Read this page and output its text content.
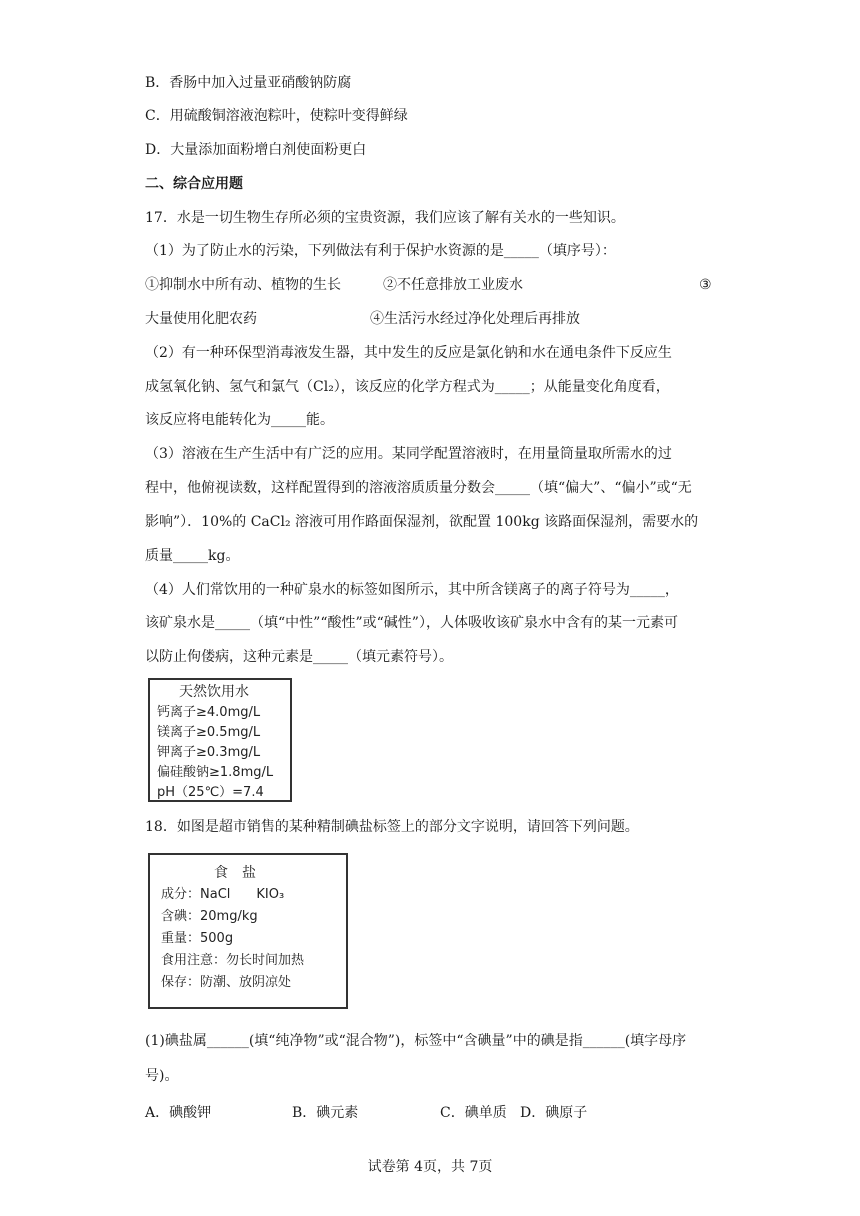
B．香肠中加入过量亚硝酸钠防腐
C．用硫酸铜溶液泡粽叶，使粽叶变得鲜绿
D．大量添加面粉增白剂使面粉更白
二、综合应用题
17．水是一切生物生存所必须的宝贵资源，我们应该了解有关水的一些知识。
（1）为了防止水的污染，下列做法有利于保护水资源的是_____（填序号）：
①抑制水中所有动、植物的生长	②不任意排放工业废水	③
大量使用化肥农药	④生活污水经过净化处理后再排放
（2）有一种环保型消毒液发生器，其中发生的反应是氯化钠和水在通电条件下反应生
成氢氧化钠、氢气和氯气（Cl₂），该反应的化学方程式为_____；从能量变化角度看，
该反应将电能转化为_____能。
（3）溶液在生产生活中有广泛的应用。某同学配置溶液时，在用量筒量取所需水的过
程中，他俯视读数，这样配置得到的溶液溶质质量分数会_____（填“偏大”、“偏小”或“无
影响”）．10%的 CaCl₂ 溶液可用作路面保湿剂，欲配置 100kg 该路面保湿剂，需要水的
质量_____kg。
（4）人们常饮用的一种矿泉水的标签如图所示，其中所含镁离子的离子符号为_____，
该矿泉水是_____（填“中性”“酸性”或“碱性”），人体吸收该矿泉水中含有的某一元素可
以防止佝偻病，这种元素是_____（填元素符号）。
天然饮用水
钙离子≥4.0mg/L
镁离子≥0.5mg/L
钾离子≥0.3mg/L
偏硅酸钠≥1.8mg/L
pH（25℃）=7.4
18．如图是超市销售的某种精制碘盐标签上的部分文字说明，请回答下列问题。
食　盐
成分：NaCl　　KIO₃
含碘：20mg/kg
重量：500g
食用注意：勿长时间加热
保存：防潮、放阴凉处
(1)碘盐属______(填“纯净物”或“混合物”)，标签中“含碘量”中的碘是指______(填字母序
号)。
A．碘酸钾	B．碘元素	C．碘单质 D．碘原子
试卷第 4页，共 7页
